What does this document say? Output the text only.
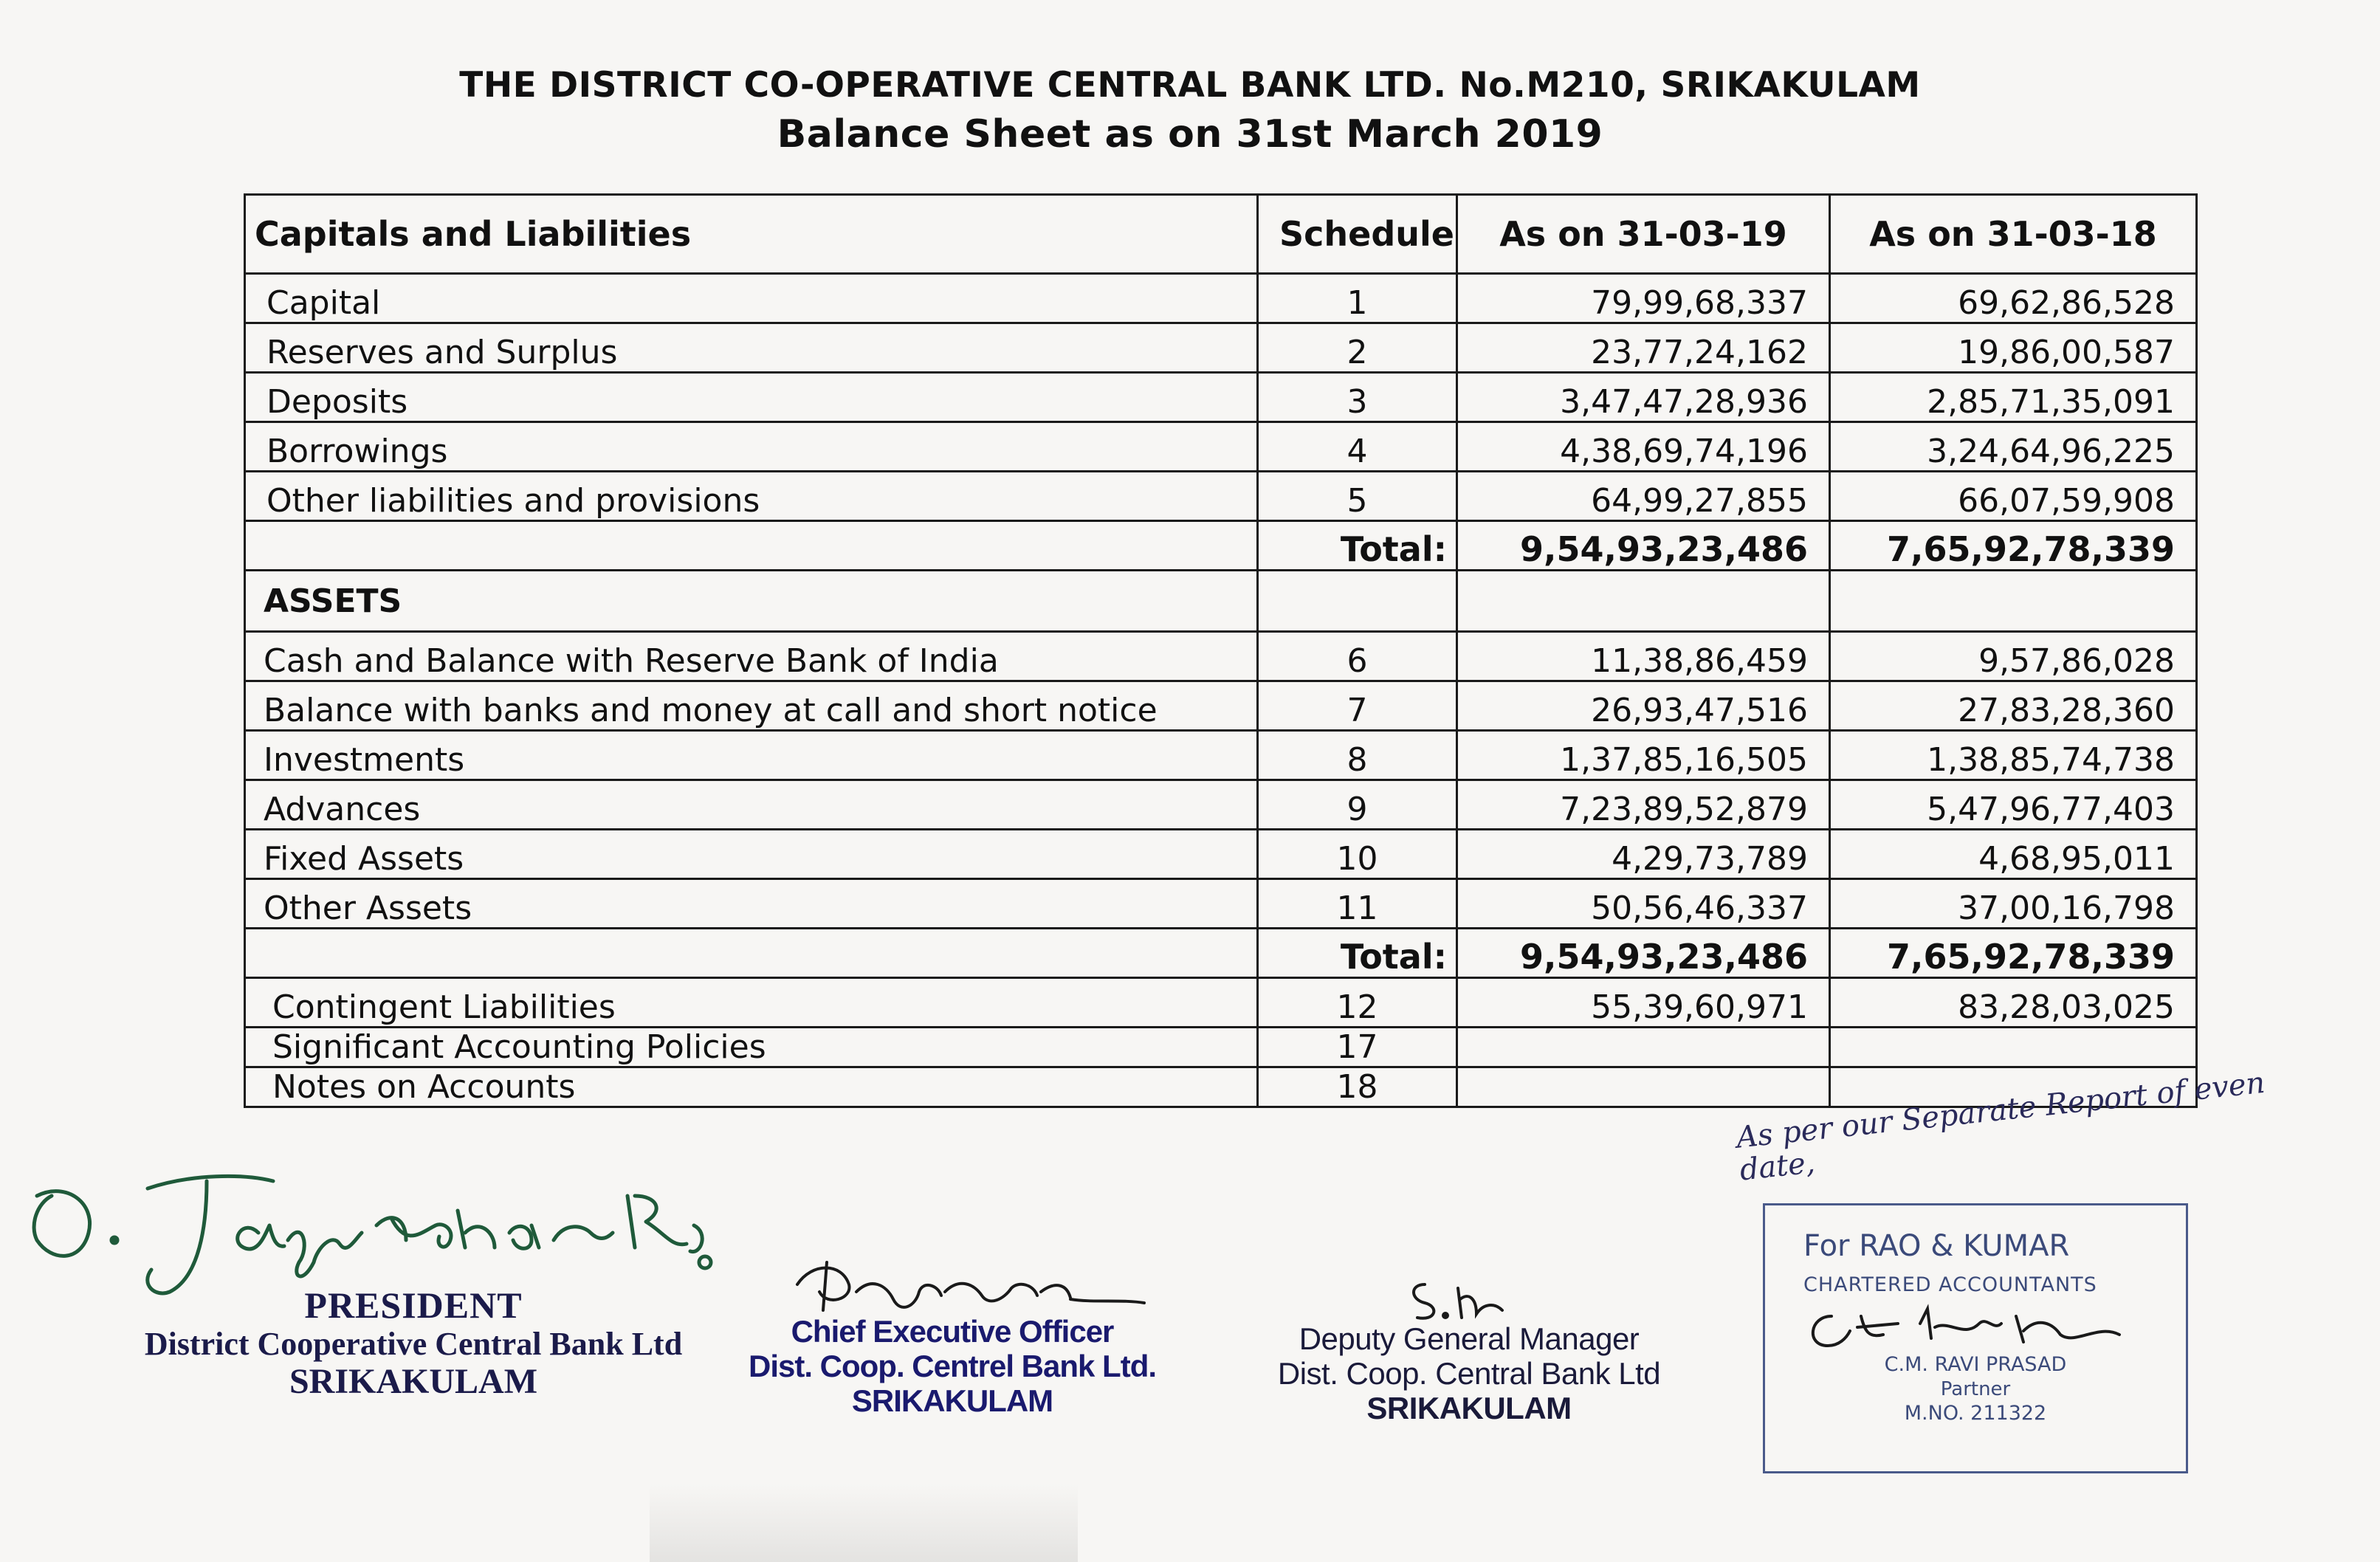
THE DISTRICT CO-OPERATIVE CENTRAL BANK LTD. No.M210, SRIKAKULAM
Balance Sheet as on 31st March 2019
Capitals and Liabilities	Schedule	As on 31-03-19	As on 31-03-18
Capital	1	79,99,68,337	69,62,86,528
Reserves and Surplus	2	23,77,24,162	19,86,00,587
Deposits	3	3,47,47,28,936	2,85,71,35,091
Borrowings	4	4,38,69,74,196	3,24,64,96,225
Other liabilities and provisions	5	64,99,27,855	66,07,59,908
	Total:	9,54,93,23,486	7,65,92,78,339
ASSETS			
Cash and Balance with Reserve Bank of India	6	11,38,86,459	9,57,86,028
Balance with banks and money at call and short notice	7	26,93,47,516	27,83,28,360
Investments	8	1,37,85,16,505	1,38,85,74,738
Advances	9	7,23,89,52,879	5,47,96,77,403
Fixed Assets	10	4,29,73,789	4,68,95,011
Other Assets	11	50,56,46,337	37,00,16,798
	Total:	9,54,93,23,486	7,65,92,78,339
Contingent Liabilities	12	55,39,60,971	83,28,03,025
Significant Accounting Policies	17		
Notes on Accounts	18		
PRESIDENT
District Cooperative Central Bank Ltd
SRIKAKULAM
Chief Executive Officer
Dist. Coop. Centrel Bank Ltd.
SRIKAKULAM
Deputy General Manager
Dist. Coop. Central Bank Ltd
SRIKAKULAM
As per our Separate Report of even date,
For RAO & KUMAR
CHARTERED ACCOUNTANTS
C.M. RAVI PRASAD
Partner
M.NO. 211322
